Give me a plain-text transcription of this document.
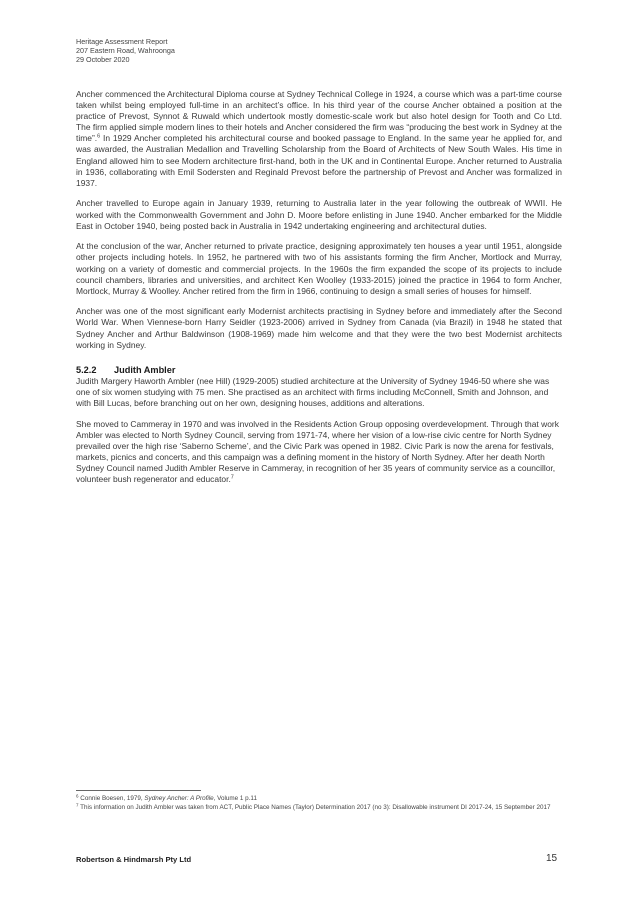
Heritage Assessment Report
207 Eastern Road, Wahroonga
29 October 2020

Ancher commenced the Architectural Diploma course at Sydney Technical College in 1924, a course which was a part-time course taken whilst being employed full-time in an architect’s office. In his third year of the course Ancher obtained a position at the practice of Prevost, Synnot & Ruwald which undertook mostly domestic-scale work but also hotel design for Tooth and Co Ltd. The firm applied simple modern lines to their hotels and Ancher considered the firm was “producing the best work in Sydney at the time”.$^6$ In 1929 Ancher completed his architectural course and booked passage to England. In the same year he applied for, and was awarded, the Australian Medallion and Travelling Scholarship from the Board of Architects of New South Wales. His time in England allowed him to see Modern architecture first-hand, both in the UK and in Continental Europe. Ancher returned to Australia in 1936, collaborating with Emil Sodersten and Reginald Prevost before the partnership of Prevost and Ancher was formalized in 1937.

Ancher travelled to Europe again in January 1939, returning to Australia later in the year following the outbreak of WWII. He worked with the Commonwealth Government and John D. Moore before enlisting in June 1940. Ancher embarked for the Middle East in October 1940, being posted back in Australia in 1942 undertaking engineering and architectural duties.

At the conclusion of the war, Ancher returned to private practice, designing approximately ten houses a year until 1951, alongside other projects including hotels. In 1952, he partnered with two of his assistants forming the firm Ancher, Mortlock and Murray, working on a variety of domestic and commercial projects. In the 1960s the firm expanded the scope of its projects to include council chambers, libraries and universities, and architect Ken Woolley (1933-2015) joined the practice in 1964 to form Ancher, Mortlock, Murray & Woolley. Ancher retired from the firm in 1966, continuing to design a small series of houses for himself.

Ancher was one of the most significant early Modernist architects practising in Sydney before and immediately after the Second World War. When Viennese-born Harry Seidler (1923-2006) arrived in Sydney from Canada (via Brazil) in 1948 he stated that Sydney Ancher and Arthur Baldwinson (1908-1969) made him welcome and that they were the two best Modernist architects working in Sydney.

5.2.2 Judith Ambler

Judith Margery Haworth Ambler (nee Hill) (1929-2005) studied architecture at the University of Sydney 1946-50 where she was one of six women studying with 75 men. She practised as an architect with firms including McConnell, Smith and Johnson, and with Bill Lucas, before branching out on her own, designing houses, additions and alterations.

She moved to Cammeray in 1970 and was involved in the Residents Action Group opposing overdevelopment. Through that work Ambler was elected to North Sydney Council, serving from 1971-74, where her vision of a low-rise civic centre for North Sydney prevailed over the high rise ‘Saberno Scheme’, and the Civic Park was opened in 1982. Civic Park is now the arena for festivals, markets, picnics and concerts, and this campaign was a defining moment in the history of North Sydney. After her death North Sydney Council named Judith Ambler Reserve in Cammeray, in recognition of her 35 years of community service as a councillor, volunteer bush regenerator and educator.$^7$

$^6$ Connie Boesen, 1979, Sydney Ancher: A Profile, Volume 1 p.11
$^7$ This information on Judith Ambler was taken from ACT, Public Place Names (Taylor) Determination 2017 (no 3): Disallowable instrument DI 2017-24, 15 September 2017
Robertson & Hindmarsh Pty Ltd	15
